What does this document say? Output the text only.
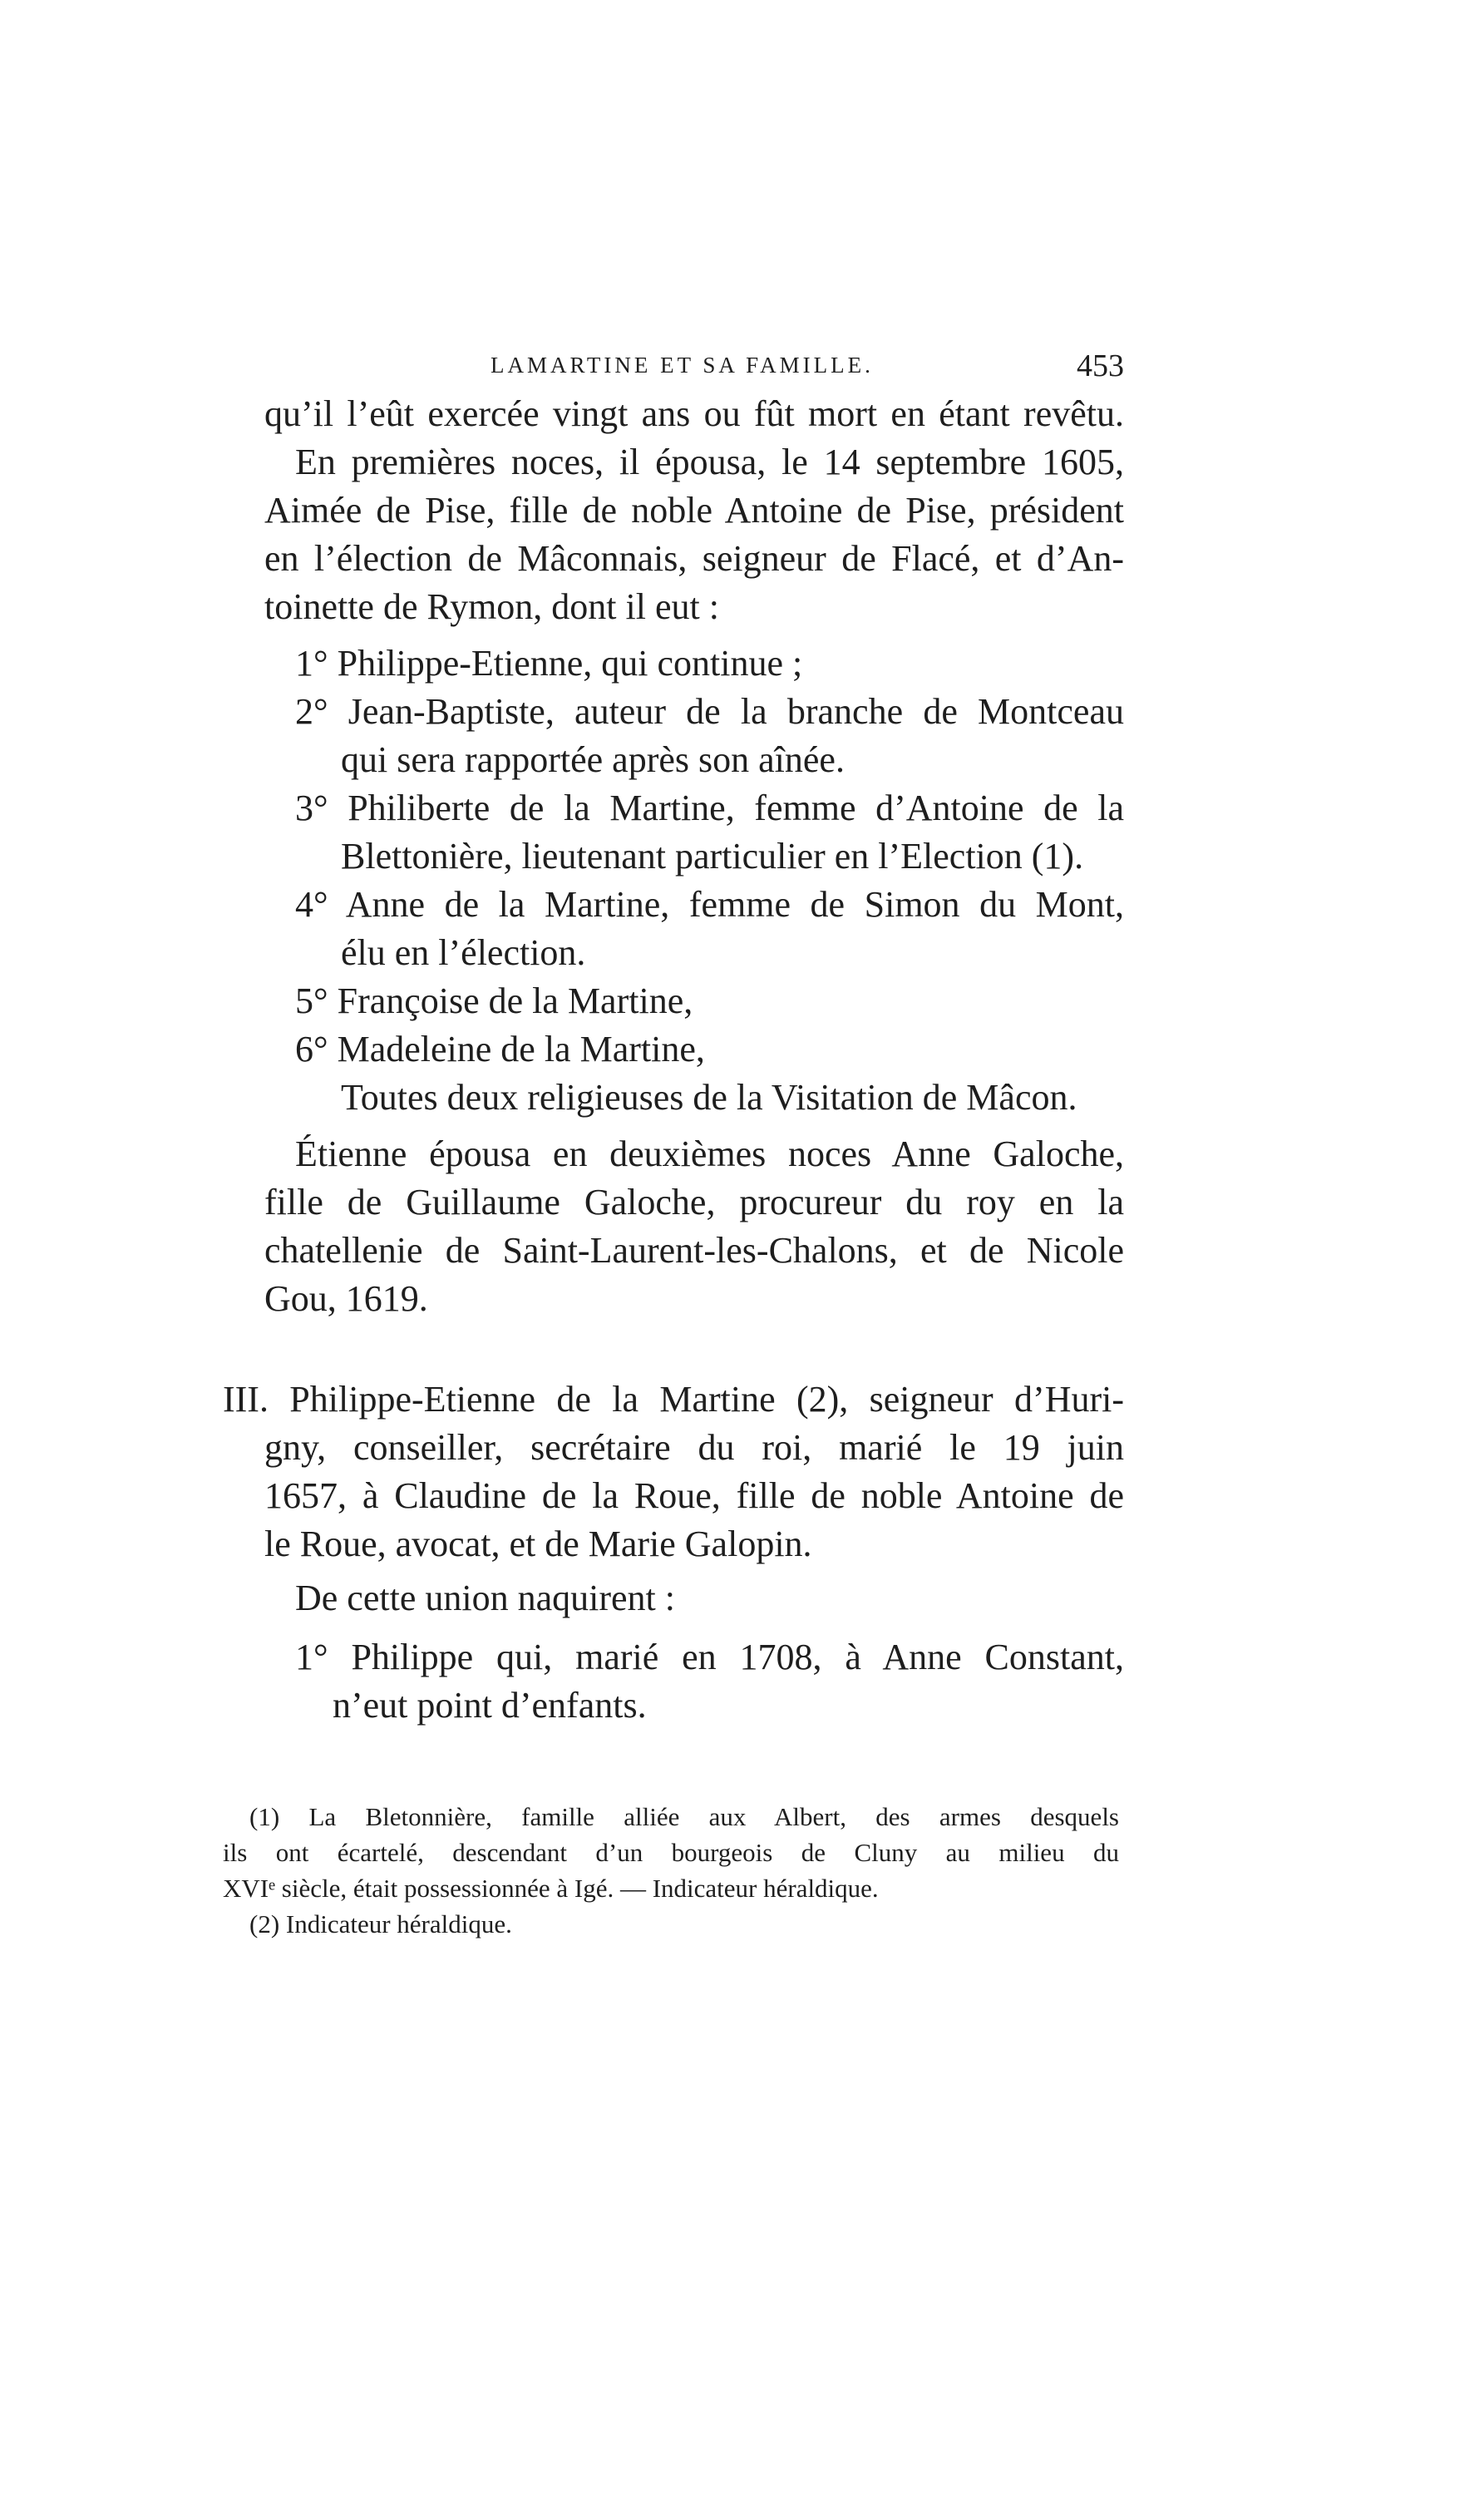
LAMARTINE ET SA FAMILLE.	453
qu’il l’eût exercée vingt ans ou fût mort en étant revêtu.
En premières noces, il épousa, le 14 septembre 1605,
Aimée de Pise, fille de noble Antoine de Pise, président
en l’élection de Mâconnais, seigneur de Flacé, et d’An-
toinette de Rymon, dont il eut :
1° Philippe-Etienne, qui continue ;
2° Jean-Baptiste, auteur de la branche de Montceau
qui sera rapportée après son aînée.
3° Philiberte de la Martine, femme d’Antoine de la
Blettonière, lieutenant particulier en l’Election (1).
4° Anne de la Martine, femme de Simon du Mont,
élu en l’élection.
5° Françoise de la Martine,
6° Madeleine de la Martine,
Toutes deux religieuses de la Visitation de Mâcon.
Étienne épousa en deuxièmes noces Anne Galoche,
fille de Guillaume Galoche, procureur du roy en la
chatellenie de Saint-Laurent-les-Chalons, et de Nicole
Gou, 1619.
III. Philippe-Etienne de la Martine (2), seigneur d’Huri-
gny, conseiller, secrétaire du roi, marié le 19 juin
1657, à Claudine de la Roue, fille de noble Antoine de
le Roue, avocat, et de Marie Galopin.
De cette union naquirent :
1° Philippe qui, marié en 1708, à Anne Constant,
n’eut point d’enfants.
(1) La Bletonnière, famille alliée aux Albert, des armes desquels
ils ont écartelé, descendant d’un bourgeois de Cluny au milieu du
XVIᵉ siècle, était possessionnée à Igé. — Indicateur héraldique.
(2) Indicateur héraldique.
